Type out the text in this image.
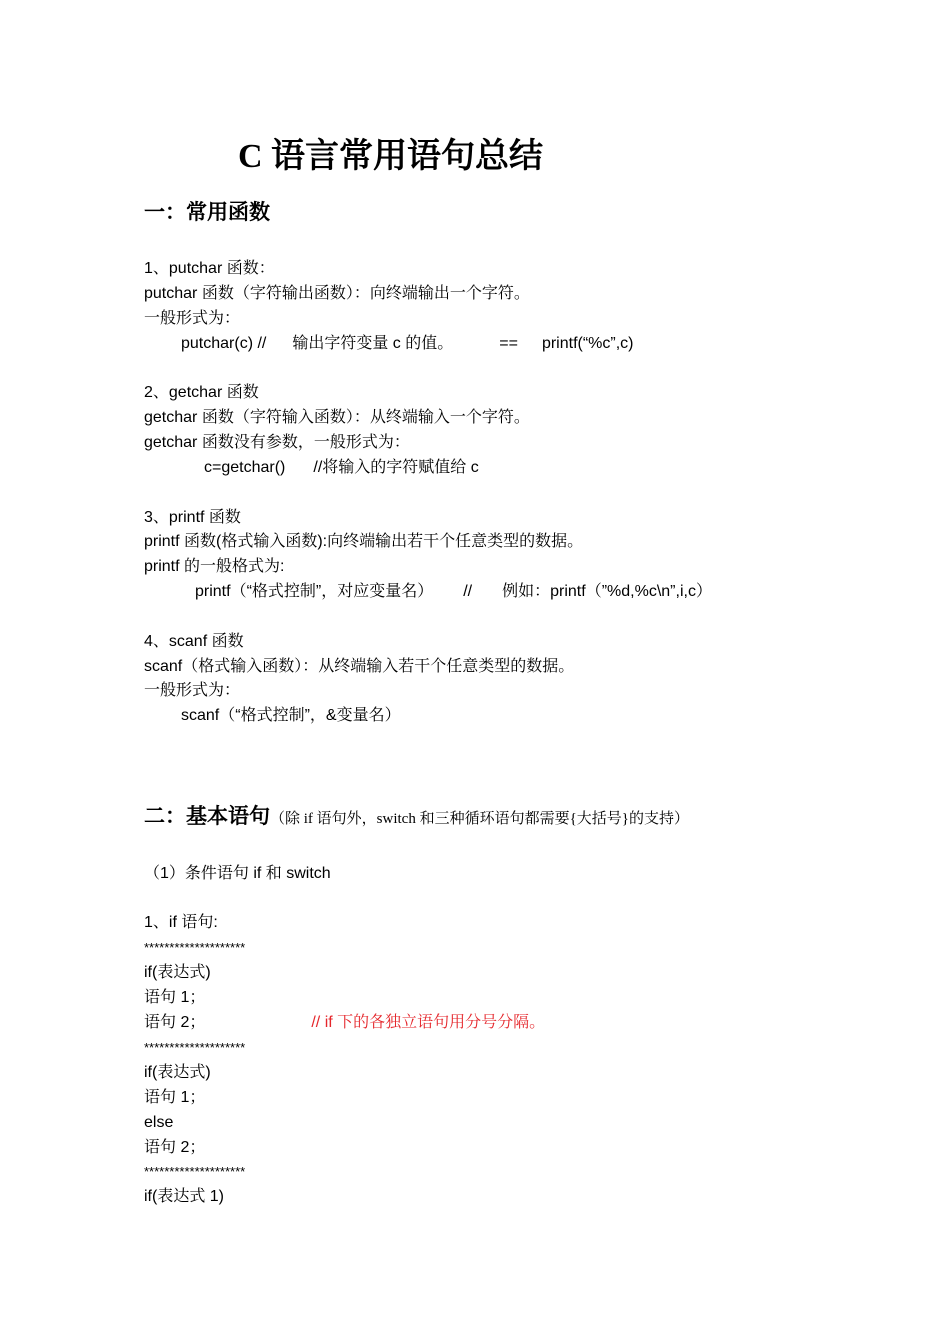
C 语言常用语句总结
一：常用函数
1、putchar 函数：
putchar 函数（字符输出函数）：向终端输出一个字符。
一般形式为：
putchar(c) // 输出字符变量 c 的值。	== printf(“%c”,c)
2、getchar 函数
getchar 函数（字符输入函数）：从终端输入一个字符。
getchar 函数没有参数，一般形式为：
c=getchar() //将输入的字符赋值给 c
3、printf 函数
printf 函数(格式输入函数):向终端输出若干个任意类型的数据。
printf 的一般格式为:
printf（“格式控制”，对应变量名） // 例如：printf（”%d,%c\n”,i,c）
4、scanf 函数
scanf（格式输入函数）：从终端输入若干个任意类型的数据。
一般形式为：
scanf（“格式控制”，&变量名）
二：基本语句（除 if 语句外，switch 和三种循环语句都需要{大括号}的支持）
（1）条件语句 if 和 switch
1、if 语句:
********************
if(表达式)
语句 1；
语句 2；	// if 下的各独立语句用分号分隔。
********************
if(表达式)
语句 1；
else
语句 2；
********************
if(表达式 1)
